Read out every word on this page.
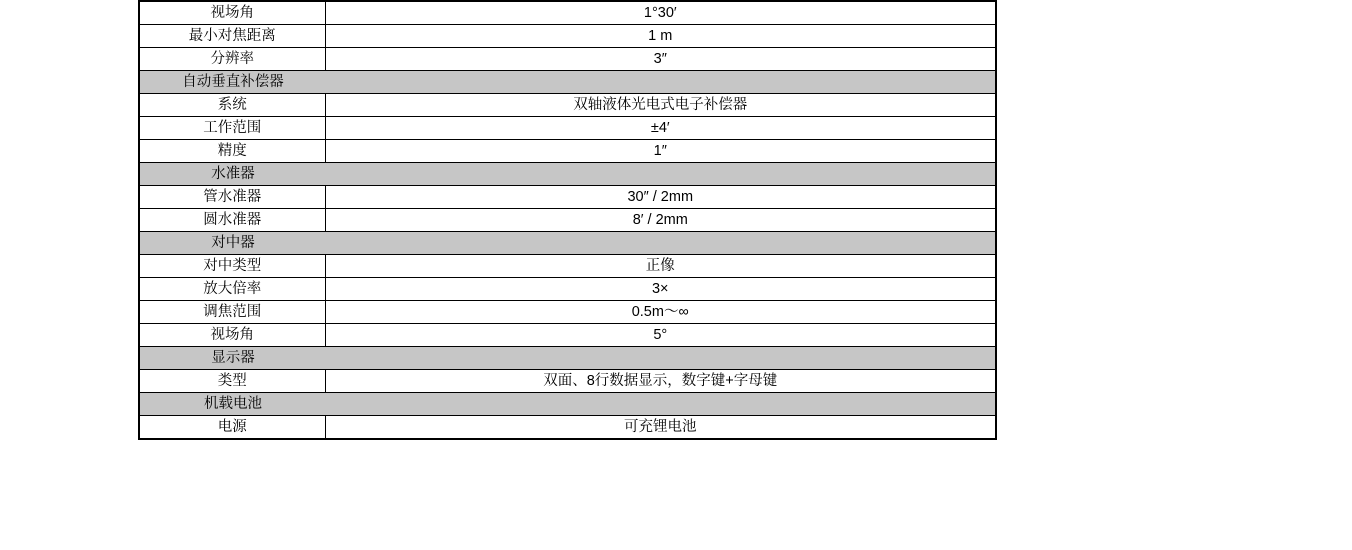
视场角	1°30′
最小对焦距离	1 m
分辨率	3″

自动垂直补偿器	

系统	双轴液体光电式电子补偿器
工作范围	±4′
精度	1″

水准器	

管水准器	30″ / 2mm
圆水准器	8′ / 2mm

对中器	

对中类型	正像
放大倍率	3×
调焦范围	0.5m～∞
视场角	5°

显示器	

类型	双面、8行数据显示，数字键+字母键

机载电池	

电源	可充锂电池
